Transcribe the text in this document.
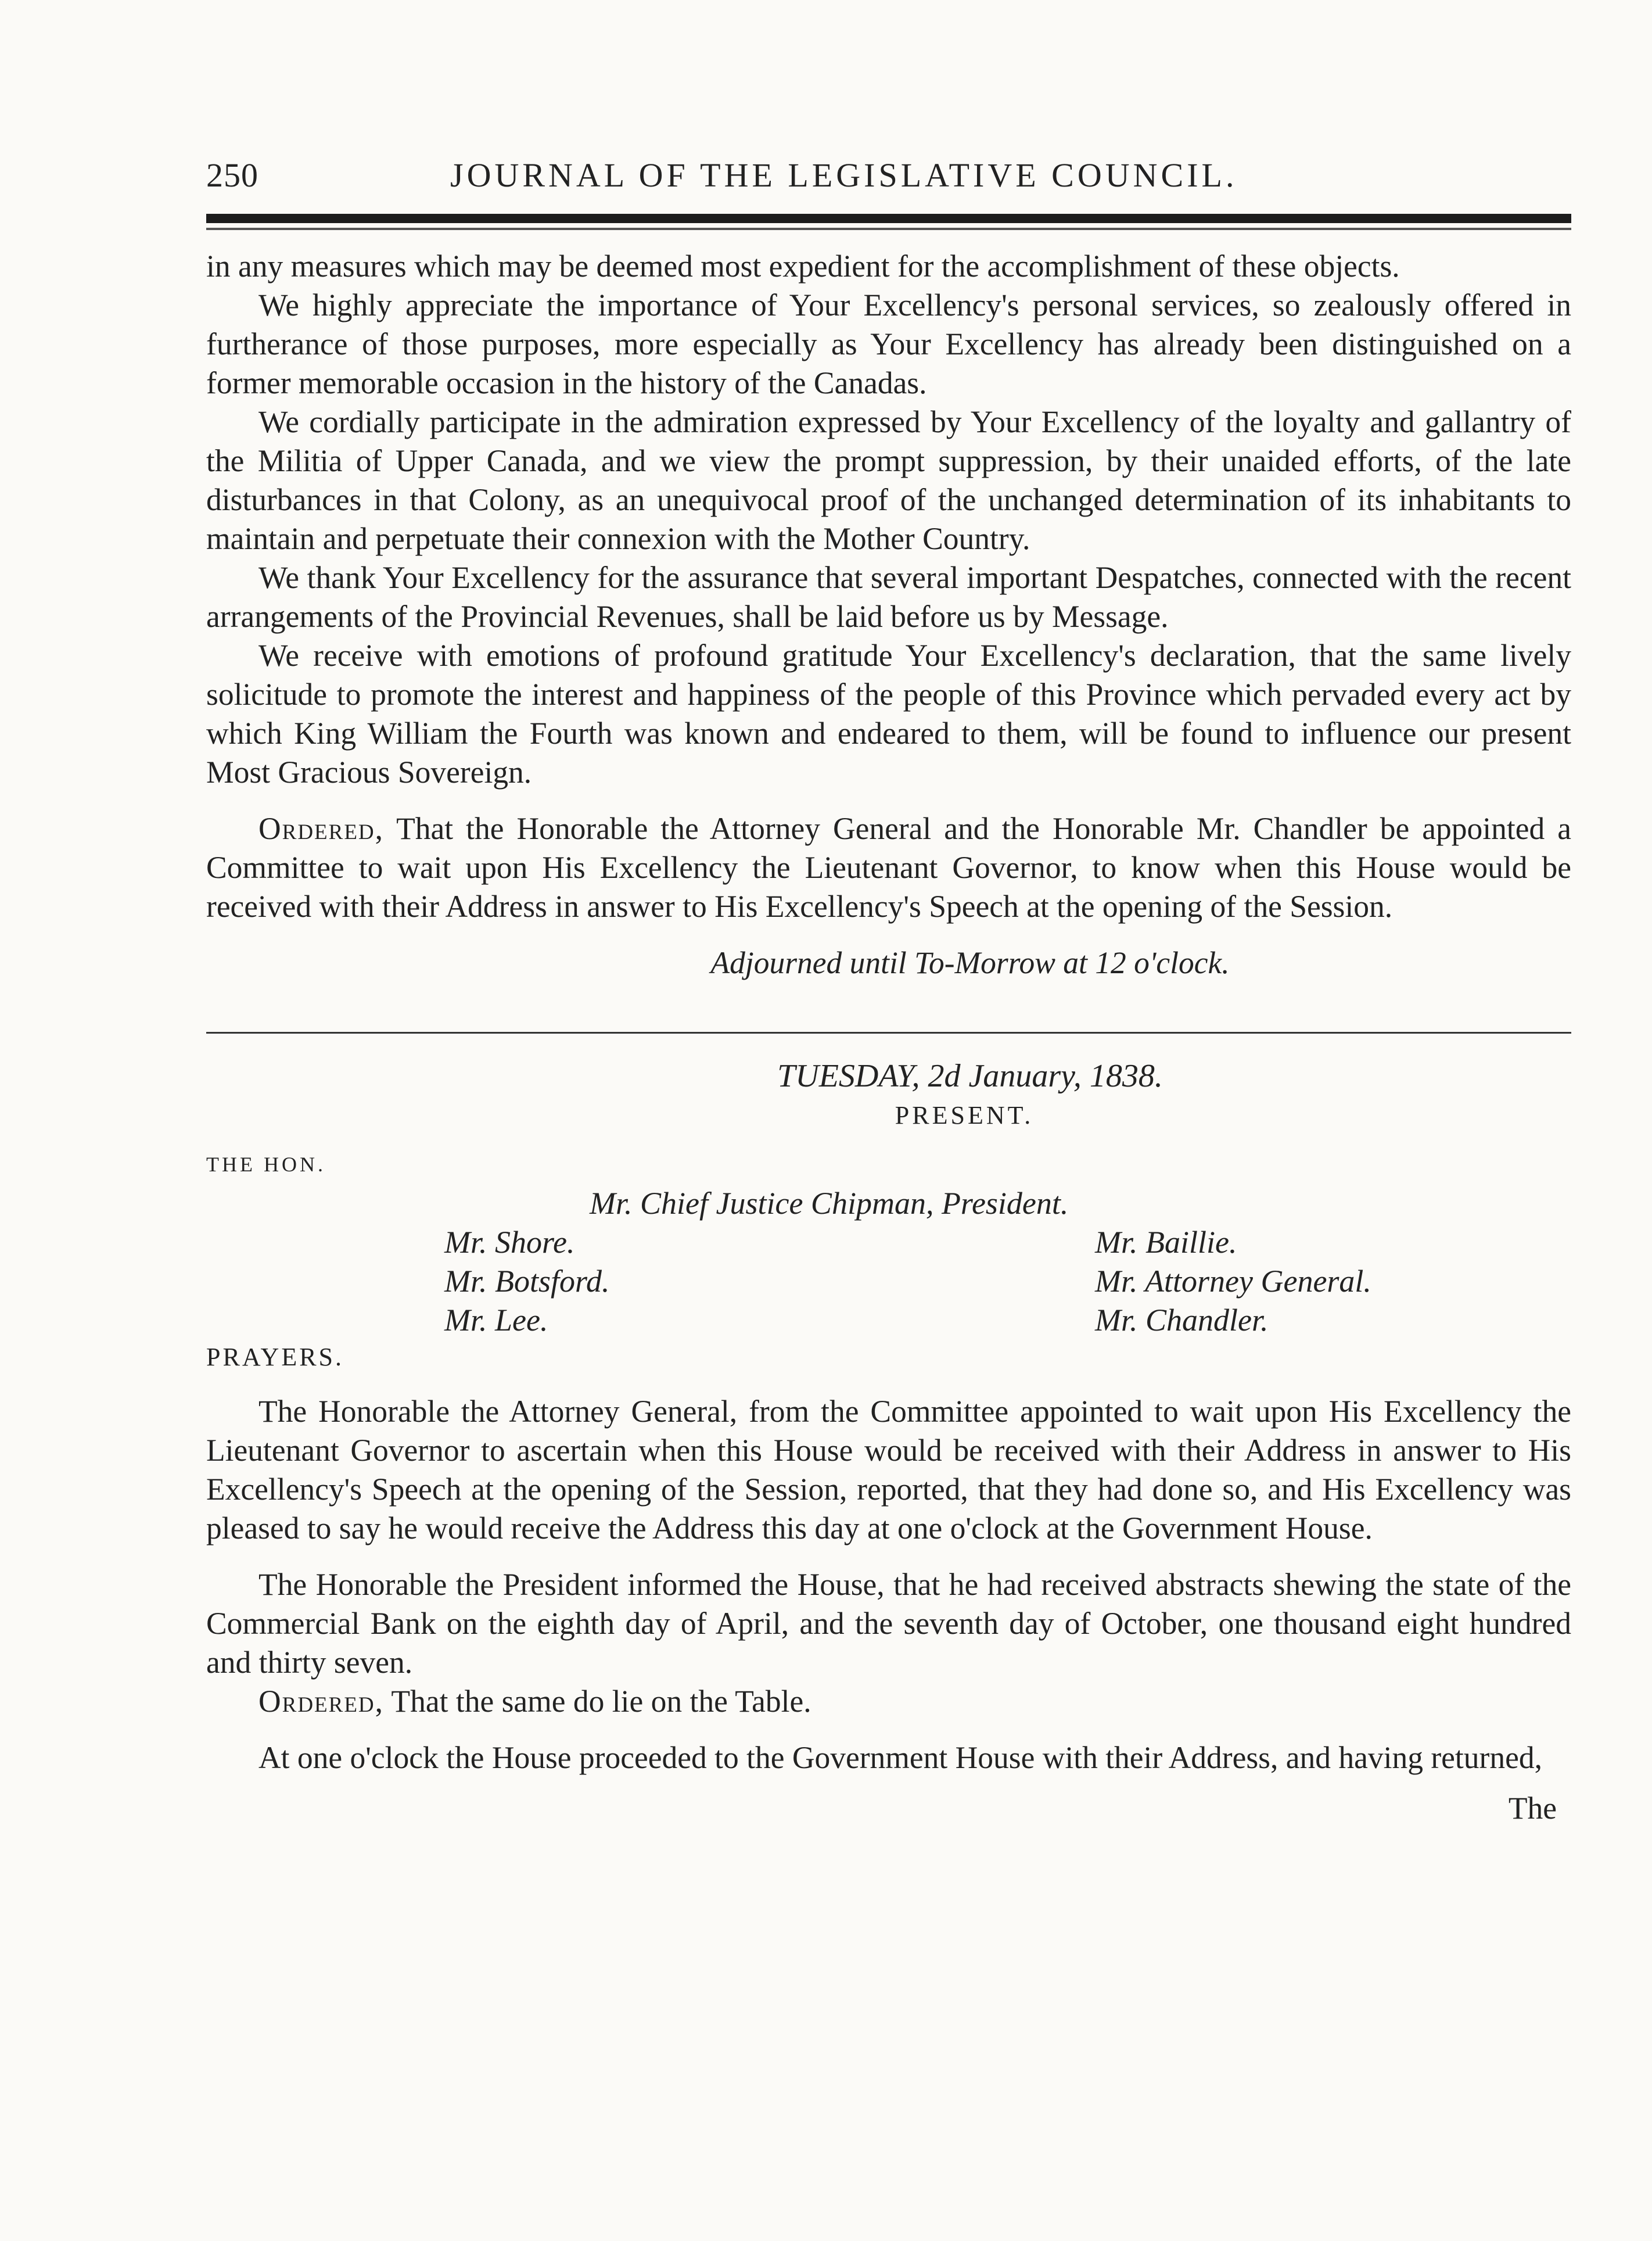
250	JOURNAL OF THE LEGISLATIVE COUNCIL.

in any measures which may be deemed most expedient for the accomplishment of these objects.

We highly appreciate the importance of Your Excellency's personal services, so zealously offered in furtherance of those purposes, more especially as Your Excellency has already been distinguished on a former memorable occasion in the history of the Canadas.

We cordially participate in the admiration expressed by Your Excellency of the loyalty and gallantry of the Militia of Upper Canada, and we view the prompt suppression, by their unaided efforts, of the late disturbances in that Colony, as an unequivocal proof of the unchanged determination of its inhabitants to maintain and perpetuate their connexion with the Mother Country.

We thank Your Excellency for the assurance that several important Despatches, connected with the recent arrangements of the Provincial Revenues, shall be laid before us by Message.

We receive with emotions of profound gratitude Your Excellency's declaration, that the same lively solicitude to promote the interest and happiness of the people of this Province which pervaded every act by which King William the Fourth was known and endeared to them, will be found to influence our present Most Gracious Sovereign.

Ordered, That the Honorable the Attorney General and the Honorable Mr. Chandler be appointed a Committee to wait upon His Excellency the Lieutenant Governor, to know when this House would be received with their Address in answer to His Excellency's Speech at the opening of the Session.

Adjourned until To-Morrow at 12 o'clock.

TUESDAY, 2d January, 1838.

PRESENT.

THE HON.

Mr. Chief Justice Chipman, President.

Mr. Shore.	Mr. Baillie.
Mr. Botsford.	Mr. Attorney General.
Mr. Lee.	Mr. Chandler.

PRAYERS.

The Honorable the Attorney General, from the Committee appointed to wait upon His Excellency the Lieutenant Governor to ascertain when this House would be received with their Address in answer to His Excellency's Speech at the opening of the Session, reported, that they had done so, and His Excellency was pleased to say he would receive the Address this day at one o'clock at the Government House.

The Honorable the President informed the House, that he had received abstracts shewing the state of the Commercial Bank on the eighth day of April, and the seventh day of October, one thousand eight hundred and thirty seven.

Ordered, That the same do lie on the Table.

At one o'clock the House proceeded to the Government House with their Address, and having returned,

The
